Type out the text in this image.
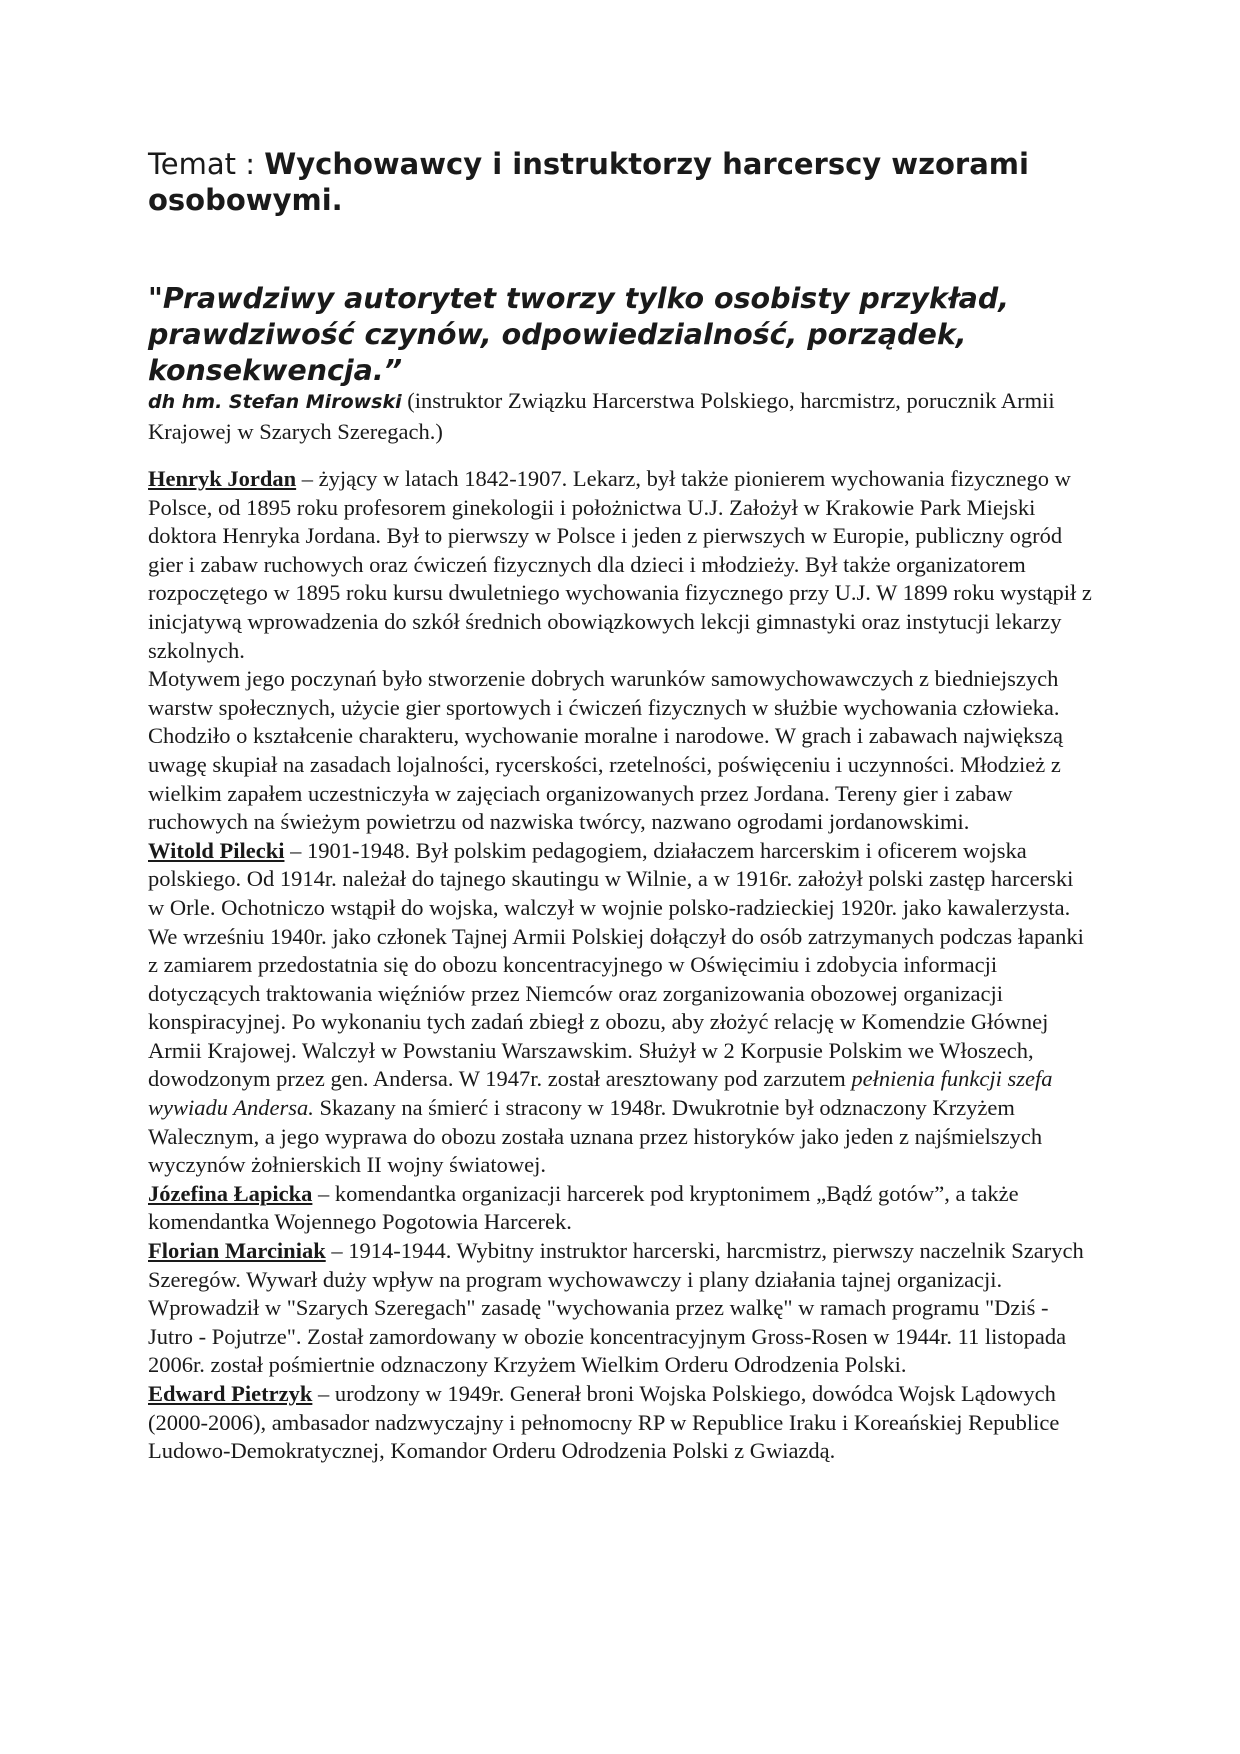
Temat : Wychowawcy i instruktorzy harcerscy wzorami osobowymi.

"Prawdziwy autorytet tworzy tylko osobisty przykład, prawdziwość czynów, odpowiedzialność, porządek, konsekwencja.”

dh hm. Stefan Mirowski (instruktor Związku Harcerstwa Polskiego, harcmistrz, porucznik Armii Krajowej w Szarych Szeregach.)

Henryk Jordan – żyjący w latach 1842-1907. Lekarz, był także pionierem wychowania fizycznego w Polsce, od 1895 roku profesorem ginekologii i położnictwa U.J. Założył w Krakowie Park Miejski doktora Henryka Jordana. Był to pierwszy w Polsce i jeden z pierwszych w Europie, publiczny ogród gier i zabaw ruchowych oraz ćwiczeń fizycznych dla dzieci i młodzieży. Był także organizatorem rozpoczętego w 1895 roku kursu dwuletniego wychowania fizycznego przy U.J. W 1899 roku wystąpił z inicjatywą wprowadzenia do szkół średnich obowiązkowych lekcji gimnastyki oraz instytucji lekarzy szkolnych.

Motywem jego poczynań było stworzenie dobrych warunków samowychowawczych z biedniejszych warstw społecznych, użycie gier sportowych i ćwiczeń fizycznych w służbie wychowania człowieka. Chodziło o kształcenie charakteru, wychowanie moralne i narodowe. W grach i zabawach największą uwagę skupiał na zasadach lojalności, rycerskości, rzetelności, poświęceniu i uczynności. Młodzież z wielkim zapałem uczestniczyła w zajęciach organizowanych przez Jordana. Tereny gier i zabaw ruchowych na świeżym powietrzu od nazwiska twórcy, nazwano ogrodami jordanowskimi.

Witold Pilecki – 1901-1948. Był polskim pedagogiem, działaczem harcerskim i oficerem wojska polskiego. Od 1914r. należał do tajnego skautingu w Wilnie, a w 1916r. założył polski zastęp harcerski w Orle. Ochotniczo wstąpił do wojska, walczył w wojnie polsko-radzieckiej 1920r. jako kawalerzysta. We wrześniu 1940r. jako członek Tajnej Armii Polskiej dołączył do osób zatrzymanych podczas łapanki z zamiarem przedostatnia się do obozu koncentracyjnego w Oświęcimiu i zdobycia informacji dotyczących traktowania więźniów przez Niemców oraz zorganizowania obozowej organizacji konspiracyjnej. Po wykonaniu tych zadań zbiegł z obozu, aby złożyć relację w Komendzie Głównej Armii Krajowej. Walczył w Powstaniu Warszawskim. Służył w 2 Korpusie Polskim we Włoszech, dowodzonym przez gen. Andersa. W 1947r. został aresztowany pod zarzutem pełnienia funkcji szefa wywiadu Andersa. Skazany na śmierć i stracony w 1948r. Dwukrotnie był odznaczony Krzyżem Walecznym, a jego wyprawa do obozu została uznana przez historyków jako jeden z najśmielszych wyczynów żołnierskich II wojny światowej.

Józefina Łapicka – komendantka organizacji harcerek pod kryptonimem „Bądź gotów”, a także komendantka Wojennego Pogotowia Harcerek.

Florian Marciniak – 1914-1944. Wybitny instruktor harcerski, harcmistrz, pierwszy naczelnik Szarych Szeregów. Wywarł duży wpływ na program wychowawczy i plany działania tajnej organizacji. Wprowadził w "Szarych Szeregach" zasadę "wychowania przez walkę" w ramach programu "Dziś - Jutro - Pojutrze". Został zamordowany w obozie koncentracyjnym Gross-Rosen w 1944r. 11 listopada 2006r. został pośmiertnie odznaczony Krzyżem Wielkim Orderu Odrodzenia Polski.

Edward Pietrzyk – urodzony w 1949r. Generał broni Wojska Polskiego, dowódca Wojsk Lądowych (2000-2006), ambasador nadzwyczajny i pełnomocny RP w Republice Iraku i Koreańskiej Republice Ludowo-Demokratycznej, Komandor Orderu Odrodzenia Polski z Gwiazdą.
